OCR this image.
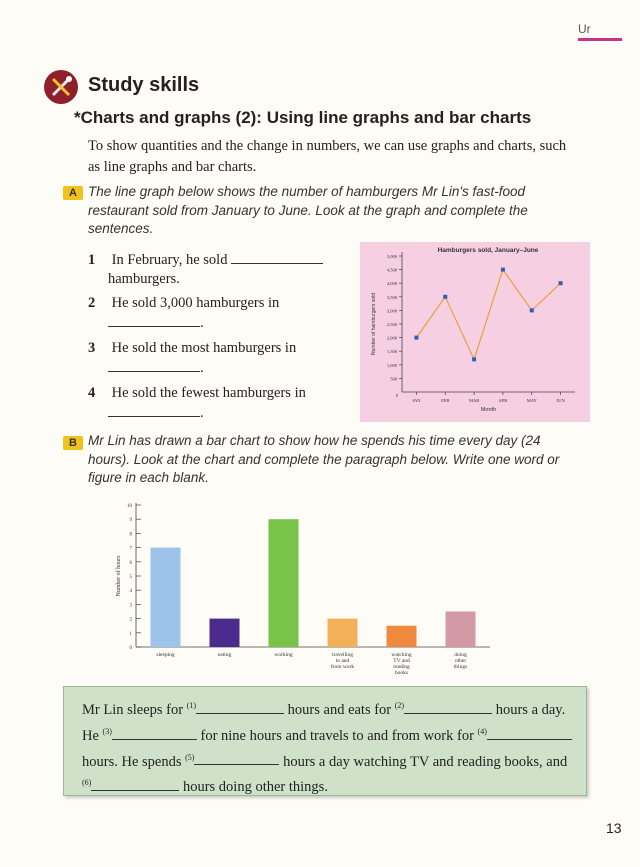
Ur
Study skills
*Charts and graphs (2): Using line graphs and bar charts
To show quantities and the change in numbers, we can use graphs and charts, such as line graphs and bar charts.
A The line graph below shows the number of hamburgers Mr Lin's fast-food restaurant sold from January to June. Look at the graph and complete the sentences.
1 In February, he sold
hamburgers.
2 He sold 3,000 hamburgers in
.
3 He sold the most hamburgers in
.
4 He sold the fewest hamburgers in
.
Hamburgers sold, January–June
500
1,000
1,500
2,000
2,500
3,000
3,500
4,000
4,500
5,000
0
Number of hamburgers sold
JAN	FEB	MAR	APR	MAY	JUN
Month
B Mr Lin has drawn a bar chart to show how he spends his time every day (24 hours). Look at the chart and complete the paragraph below. Write one word or figure in each blank.
0
1
2
3
4
5
6
7
8
9
10
Number of hours
sleeping	eating	working	travelling to and from work
watching TV and reading books
doing other things
Mr Lin sleeps for $^{(1)}$	hours and eats for $^{(2)}$	hours a day. He $^{(3)}$	for nine hours and travels to and from work for $^{(4)}$ hours. He spends $^{(5)}$	hours a day watching TV and reading books, and $^{(6)}$	hours doing other things.
13
